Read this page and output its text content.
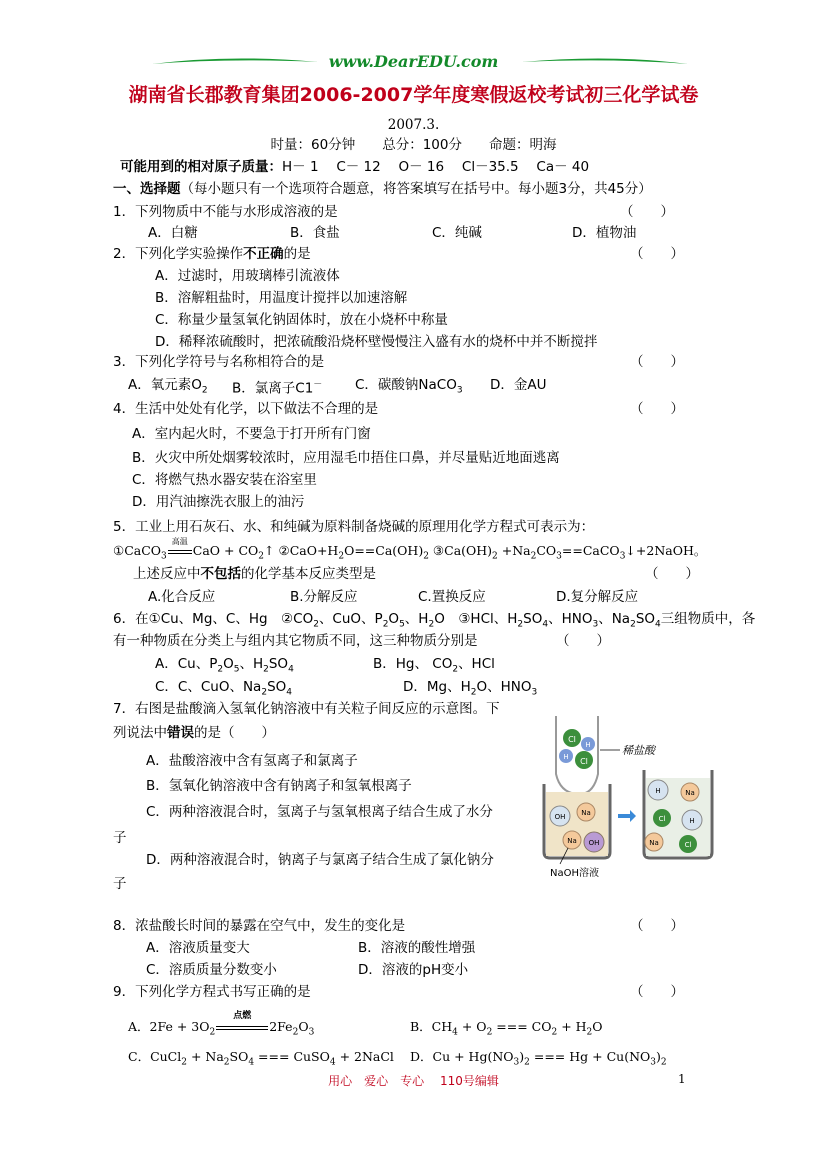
www.DearEDU.com
湖南省长郡教育集团2006-2007学年度寒假返校考试初三化学试卷
2007.3.
时量：60分钟　　总分：100分　　命题：明海
可能用到的相对原子质量：H－ 1　 C－ 12　 O－ 16　 Cl－35.5　 Ca－ 40
一、选择题（每小题只有一个选项符合题意，将答案填写在括号中。每小题3分，共45分）
1．下列物质中不能与水形成溶液的是	（　　）
A．白糖	B．食盐	C．纯碱	D．植物油
2．下列化学实验操作不正确的是	（　　）
A．过滤时，用玻璃棒引流液体
B．溶解粗盐时，用温度计搅拌以加速溶解
C．称量少量氢氧化钠固体时，放在小烧杯中称量
D．稀释浓硫酸时，把浓硫酸沿烧杯壁慢慢注入盛有水的烧杯中并不断搅拌
3．下列化学符号与名称相符合的是	（　　）
A．氧元素$O_2$ B．氯离子C1－ C．碳酸钠NaCO$_3$ D．金AU
4．生活中处处有化学，以下做法不合理的是	（　　）
A．室内起火时，不要急于打开所有门窗
B．火灾中所处烟雾较浓时，应用湿毛巾捂住口鼻，并尽量贴近地面逃离
C．将燃气热水器安装在浴室里
D．用汽油擦洗衣服上的油污
5．工业上用石灰石、水、和纯碱为原料制备烧碱的原理用化学方程式可表示为：
①CaCO$_3$
高温
CaO + $CO_2↑$ $②CaO+H_2O==Ca(OH)_2$ $③Ca(OH)_2$ $+Na_2CO_3==CaCO_3↓+2NaOH$。
上述反应中不包括的化学基本反应类型是	（　　）
A.化合反应	B.分解反应	C.置换反应	D.复分解反应
6．在①Cu、Mg、C、Hg　$②CO_2$、CuO、$P_2O_5$、$H_2O$　③HCl、$H_2SO_4$、$HNO_3$、$Na_2SO_4$三组物质中，各
有一种物质在分类上与组内其它物质不同，这三种物质分别是	（　　）
A．Cu、$P_2O_5$、$H_2SO_4$	B．Hg、 $CO_2$、HCl
C．C、CuO、$Na_2SO_4$	D．Mg、$H_2O$、$HNO_3$
7．右图是盐酸滴入氢氧化钠溶液中有关粒子间反应的示意图。下
列说法中错误的是（　　）
A．盐酸溶液中含有氢离子和氯离子
B．氢氧化钠溶液中含有钠离子和氢氧根离子
C．两种溶液混合时，氢离子与氢氧根离子结合生成了水分
子
D．两种溶液混合时，钠离子与氯离子结合生成了氯化钠分
子
Cl
H
H Cl
稀盐酸
OH Na
Na OH
NaOH溶液
H	Na
Cl	H
Na	Cl
8．浓盐酸长时间的暴露在空气中，发生的变化是	（　　）
A．溶液质量变大	B．溶液的酸性增强
C．溶质质量分数变小	D．溶液的pH变小
9．下列化学方程式书写正确的是	（　　）
A．$2Fe + 3O_2$
点燃
$2Fe_2O_3$	B．$CH_4 + O_2$ === $CO_2 + H_2O$
C．CuCl$_2$ + $Na_2SO_4$ === CuSO$_4$ + 2NaCl D．$Cu + Hg(NO_3)_2$ === $Hg + Cu(NO_3)_2$
用心　爱心　专心　 110号编辑	1
